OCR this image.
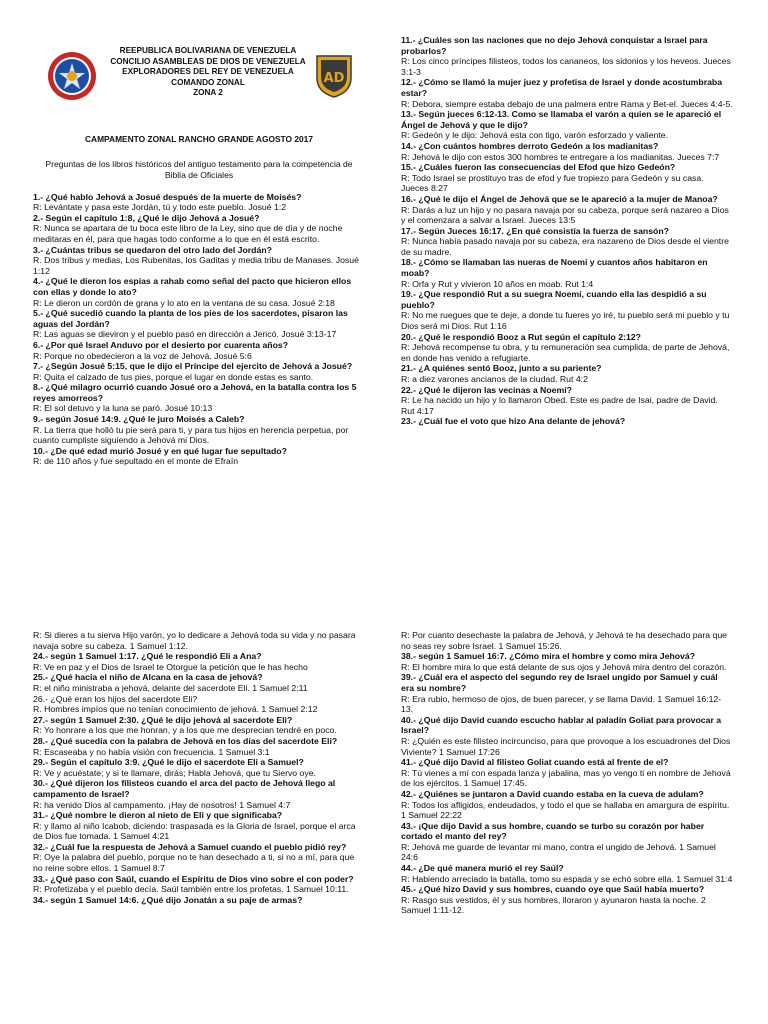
REEPUBLICA BOLIVARIANA DE VENEZUELA
CONCILIO ASAMBLEAS DE DIOS DE VENEZUELA
EXPLORADORES DEL REY DE VENEZUELA
COMANDO ZONAL
ZONA 2
AD
CAMPAMENTO ZONAL RANCHO GRANDE AGOSTO 2017
Preguntas de los libros históricos del antiguo testamento para la competencia de Biblia de Oficiales
1.- ¿Qué hablo Jehová a Josué después de la muerte de Moisés?
R: Levántate y pasa este Jordán, tú y todo este pueblo. Josué 1:2
2.- Según el capítulo 1:8, ¿Qué le dijo Jehová a Josué?
R: Nunca se apartara de tu boca este libro de la Ley, sino que de día y de noche meditaras en él, para que hagas todo conforme a lo que en él está escrito.
3.- ¿Cuántas tribus se quedaron del otro lado del Jordán?
R. Dos tribus y medias, Los Rubenitas, los Gaditas y media tribu de Manases. Josué 1:12
4.- ¿Qué le dieron los espías a rahab como señal del pacto que hicieron ellos con ellas y donde lo ato?
R: Le dieron un cordón de grana y lo ato en la ventana de su casa. Josué 2:18
5.- ¿Qué sucedió cuando la planta de los pies de los sacerdotes, pisaron las aguas del Jordán?
R: Las aguas se dieviron y el pueblo pasó en dirección a Jericó. Josué 3:13-17
6.- ¿Por qué Israel Anduvo por el desierto por cuarenta años?
R: Porque no obedecieron a la voz de Jehová. Josué 5:6
7.- ¿Según Josué 5:15, que le dijo el Príncipe del ejercito de Jehová a Josué?
R: Quita el calzado de tus pies, porque el lugar en donde estas es santo.
8.- ¿Qué milagro ocurrió cuando Josué oro a Jehová, en la batalla contra los 5 reyes amorreos?
R: El sol detuvo y la luna se paró. Josué 10:13
9.- según Josué 14:9. ¿Qué le juro Moisés a Caleb?
R. La tierra que holló tu pie será para ti, y para tus hijos en herencia perpetua, por cuanto cumpliste siguiendo a Jehová mi Dios.
10.- ¿De qué edad murió Josué y en qué lugar fue sepultado?
R: de 110 años y fue sepultado en el monte de Efraín
11.- ¿Cuáles son las naciones que no dejo Jehová conquistar a Israel para probarlos?
R: Los cinco príncipes filisteos, todos los cananeos, los sidonios y los heveos. Jueces 3:1-3
12.- ¿Cómo se llamó la mujer juez y profetisa de Israel y donde acostumbraba estar?
R: Debora, siempre estaba debajo de una palmera entre Rama y Bet-el. Jueces 4:4-5.
13.- Según jueces 6:12-13. Como se llamaba el varón a quien se le apareció el Ángel de Jehová y que le dijo?
R: Gedeón y le dijo: Jehová esta con tigo, varón esforzado y valiente.
14.- ¿Con cuántos hombres derroto Gedeón a los madianitas?
R: Jehová le dijo con estos 300 hombres te entregare a los madianitas. Jueces 7:7
15.- ¿Cuáles fueron las consecuencias del Efod que hizo Gedeón?
R: Todo Israel se prostituyo tras de efod y fue tropiezo para Gedeón y su casa. Jueces 8:27
16.- ¿Qué le dijo el Ángel de Jehová que se le apareció a la mujer de Manoa?
R: Darás a luz un hijo y no pasara navaja por su cabeza, porque será nazareo a Dios y el comenzara a salvar a Israel. Jueces 13:5
17.- Según Jueces 16:17. ¿En qué consistía la fuerza de sansón?
R: Nunca había pasado navaja por su cabeza, era nazareno de Dios desde el vientre de su madre.
18.- ¿Cómo se llamaban las nueras de Noemí y cuantos años habitaron en moab?
R: Orfa y Rut y vivieron 10 años en moab. Rut 1:4
19.- ¿Que respondió Rut a su suegra Noemí, cuando ella las despidió a su pueblo?
R: No me ruegues que te deje, a donde tu fueres yo iré, tu pueblo será mi pueblo y tu Dios será mi Dios. Rut 1:16
20.- ¿Qué le respondió Booz a Rut según el capítulo 2:12?
R: Jehová recompense tu obra, y tu remuneración sea cumplida, de parte de Jehová, en donde has venido a refugiarte.
21.- ¿A quiénes sentó Booz, junto a su pariente?
R: a diez varones ancianos de la ciudad. Rut 4:2
22.- ¿Qué le dijeron las vecinas a Noemí?
R: Le ha nacido un hijo y lo llamaron Obed. Este es padre de Isai, padre de David. Rut 4:17
23.- ¿Cuál fue el voto que hizo Ana delante de jehová?
R: Si dieres a tu sierva Hijo varón, yo lo dedicare a Jehová toda su vida y no pasara navaja sobre su cabeza. 1 Samuel 1:12.
24.- según 1 Samuel 1:17. ¿Qué le respondió Eli a Ana?
R: Ve en paz y el Dios de Israel te Otorgue la petición que le has hecho
25.- ¿Qué hacia el niño de Alcana en la casa de jehová?
R: el niño ministraba a jehová, delante del sacerdote Eli. 1 Samuel 2:11
26.- ¿Qué eran los hijos del sacerdote Eli?
R. Hombres impíos que no tenían conocimiento de jehová. 1 Samuel 2:12
27.- según 1 Samuel 2:30. ¿Qué le dijo jehová al sacerdote Eli?
R: Yo honrare a los que me honran, y a los que me desprecian tendré en poco.
28.- ¿Qué sucedía con la palabra de Jehová en los días del sacerdote Eli?
R: Escaseaba y no había visión con frecuencia. 1 Samuel 3:1
29.- Según el capítulo 3:9. ¿Qué le dijo el sacerdote Eli a Samuel?
R: Ve y acuéstate; y si te llamare, dirás; Habla Jehová, que tu Siervo oye.
30.- ¿Qué dijeron los filisteos cuando el arca del pacto de Jehová llego al campamento de Israel?
R: ha venido Dios al campamento. ¡Hay de nosotros! 1 Samuel 4:7
31.- ¿Qué nombre le dieron al nieto de Eli y que significaba?
R: y llamo al niño Icabob, diciendo: traspasada es la Gloria de Israel, porque el arca de Dios fue tomada. 1 Samuel 4:21
32.- ¿Cuál fue la respuesta de Jehová a Samuel cuando el pueblo pidió rey?
R: Oye la palabra del pueblo, porque no te han desechado a ti, si no a mí, para que no reine sobre ellos. 1 Samuel 8:7
33.- ¿Qué paso con Saúl, cuando el Espíritu de Dios vino sobre el con poder?
R: Profetizaba y el pueblo decía. Saúl también entre los profetas. 1 Samuel 10:11.
34.- según 1 Samuel 14:6. ¿Qué dijo Jonatán a su paje de armas?
R: Por cuanto desechaste la palabra de Jehová, y Jehová te ha desechado para que no seas rey sobre Israel. 1 Samuel 15:26.
38.- según 1 Samuel 16:7. ¿Cómo mira el hombre y como mira Jehová?
R: El hombre mira lo que está delante de sus ojos y Jehová mira dentro del corazón.
39.- ¿Cuál era el aspecto del segundo rey de Israel ungido por Samuel y cuál era su nombre?
R: Era rubio, hermoso de ojos, de buen parecer, y se llama David. 1 Samuel 16:12-13.
40.- ¿Qué dijo David cuando escucho hablar al paladín Goliat para provocar a Israel?
R: ¿Quién es este filisteo incircunciso, para que provoque a los escuadrones del Dios Viviente? 1 Samuel 17:26
41.- ¿Qué dijo David al filisteo Goliat cuando está al frente de el?
R: Tú vienes a mí con espada lanza y jabalina, mas yo vengo ti en nombre de Jehová de los ejércitos. 1 Samuel 17:45.
42.- ¿Quiénes se juntaron a David cuando estaba en la cueva de adulam?
R: Todos los afligidos, endeudados, y todo el que se hallaba en amargura de espíritu.
1 Samuel 22:22
43.- ¡Que dijo David a sus hombre, cuando se turbo su corazón por haber cortado el manto del rey?
R: Jehová me guarde de levantar mi mano, contra el ungido de Jehová. 1 Samuel 24:6
44.- ¿De qué manera murió el rey Saúl?
R: Habiendo arreciado la batalla, tomo su espada y se echó sobre ella. 1 Samuel 31:4
45.- ¿Qué hizo David y sus hombres, cuando oye que Saúl había muerto?
R: Rasgo sus vestidos, él y sus hombres, lloraron y ayunaron hasta la noche. 2 Samuel 1:11-12.
